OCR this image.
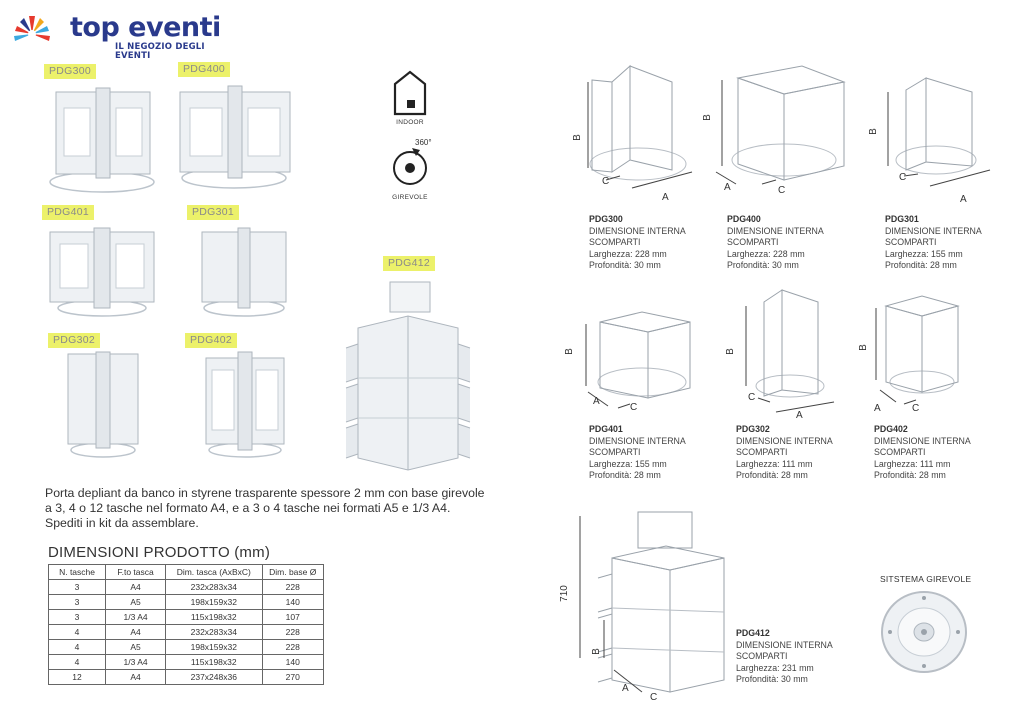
top eventi
IL NEGOZIO DEGLI EVENTI
PDG300	PDG400
PDG401	PDG301
PDG302	PDG402
PDG412
INDOOR
360°
GIREVOLE
Porta depliant da banco in styrene trasparente spessore 2 mm con base girevole a 3, 4 o 12 tasche nel formato A4, e a 3 o 4 tasche nei formati A5 e 1/3 A4. Spediti in kit da assemblare.
DIMENSIONI PRODOTTO (mm)
N. tasche	F.to tasca	Dim. tasca (AxBxC)	Dim. base Ø
3	A4	232x283x34	228
3	A5	198x159x32	140
3	1/3 A4	115x198x32	107
4	A4	232x283x34	228
4	A5	198x159x32	228
4	1/3 A4	115x198x32	140
12	A4	237x248x36	270
B
C
A
B
A	C
B
C
A
PDG300
DIMENSIONE INTERNA
SCOMPARTI
Larghezza: 228 mm
Profondità: 30 mm
PDG400
DIMENSIONE INTERNA
SCOMPARTI
Larghezza: 228 mm
Profondità: 30 mm
PDG301
DIMENSIONE INTERNA
SCOMPARTI
Larghezza: 155 mm
Profondità: 28 mm
B
A
C
B
C
A
B
A	C
PDG401
DIMENSIONE INTERNA
SCOMPARTI
Larghezza: 155 mm
Profondità: 28 mm
PDG302
DIMENSIONE INTERNA
SCOMPARTI
Larghezza: 111 mm
Profondità: 28 mm
PDG402
DIMENSIONE INTERNA
SCOMPARTI
Larghezza: 111 mm
Profondità: 28 mm
710
B
A
C
PDG412
DIMENSIONE INTERNA
SCOMPARTI
Larghezza: 231 mm
Profondità: 30 mm
SITSTEMA GIREVOLE
